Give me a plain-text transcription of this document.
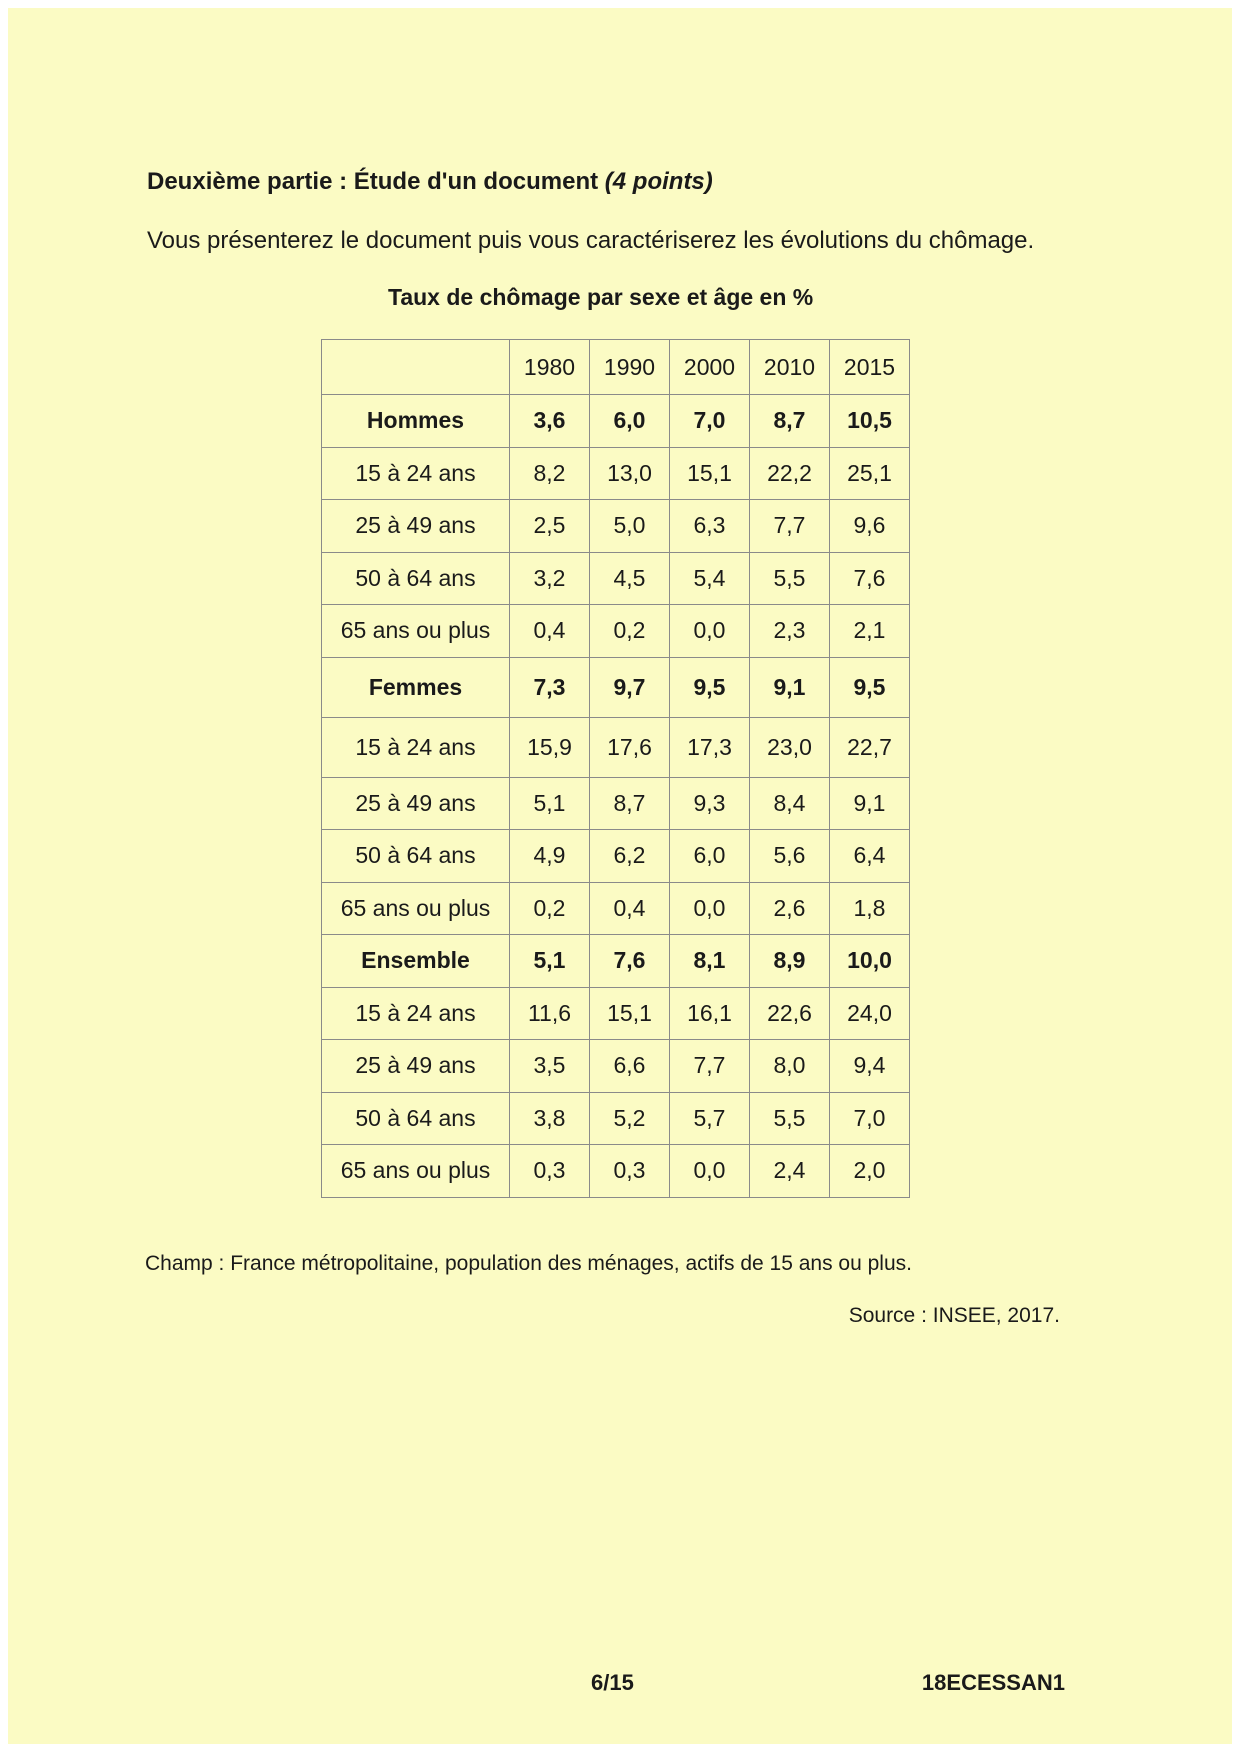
Deuxième partie : Étude d'un document (4 points)
Vous présenterez le document puis vous caractériserez les évolutions du chômage.
Taux de chômage par sexe et âge en %
	1980	1990	2000	2010	2015
Hommes	3,6	6,0	7,0	8,7	10,5
15 à 24 ans	8,2	13,0	15,1	22,2	25,1
25 à 49 ans	2,5	5,0	6,3	7,7	9,6
50 à 64 ans	3,2	4,5	5,4	5,5	7,6
65 ans ou plus	0,4	0,2	0,0	2,3	2,1
Femmes	7,3	9,7	9,5	9,1	9,5
15 à 24 ans	15,9	17,6	17,3	23,0	22,7
25 à 49 ans	5,1	8,7	9,3	8,4	9,1
50 à 64 ans	4,9	6,2	6,0	5,6	6,4
65 ans ou plus	0,2	0,4	0,0	2,6	1,8
Ensemble	5,1	7,6	8,1	8,9	10,0
15 à 24 ans	11,6	15,1	16,1	22,6	24,0
25 à 49 ans	3,5	6,6	7,7	8,0	9,4
50 à 64 ans	3,8	5,2	5,7	5,5	7,0
65 ans ou plus	0,3	0,3	0,0	2,4	2,0
Champ : France métropolitaine, population des ménages, actifs de 15 ans ou plus.
Source : INSEE, 2017.
6/15	18ECESSAN1
